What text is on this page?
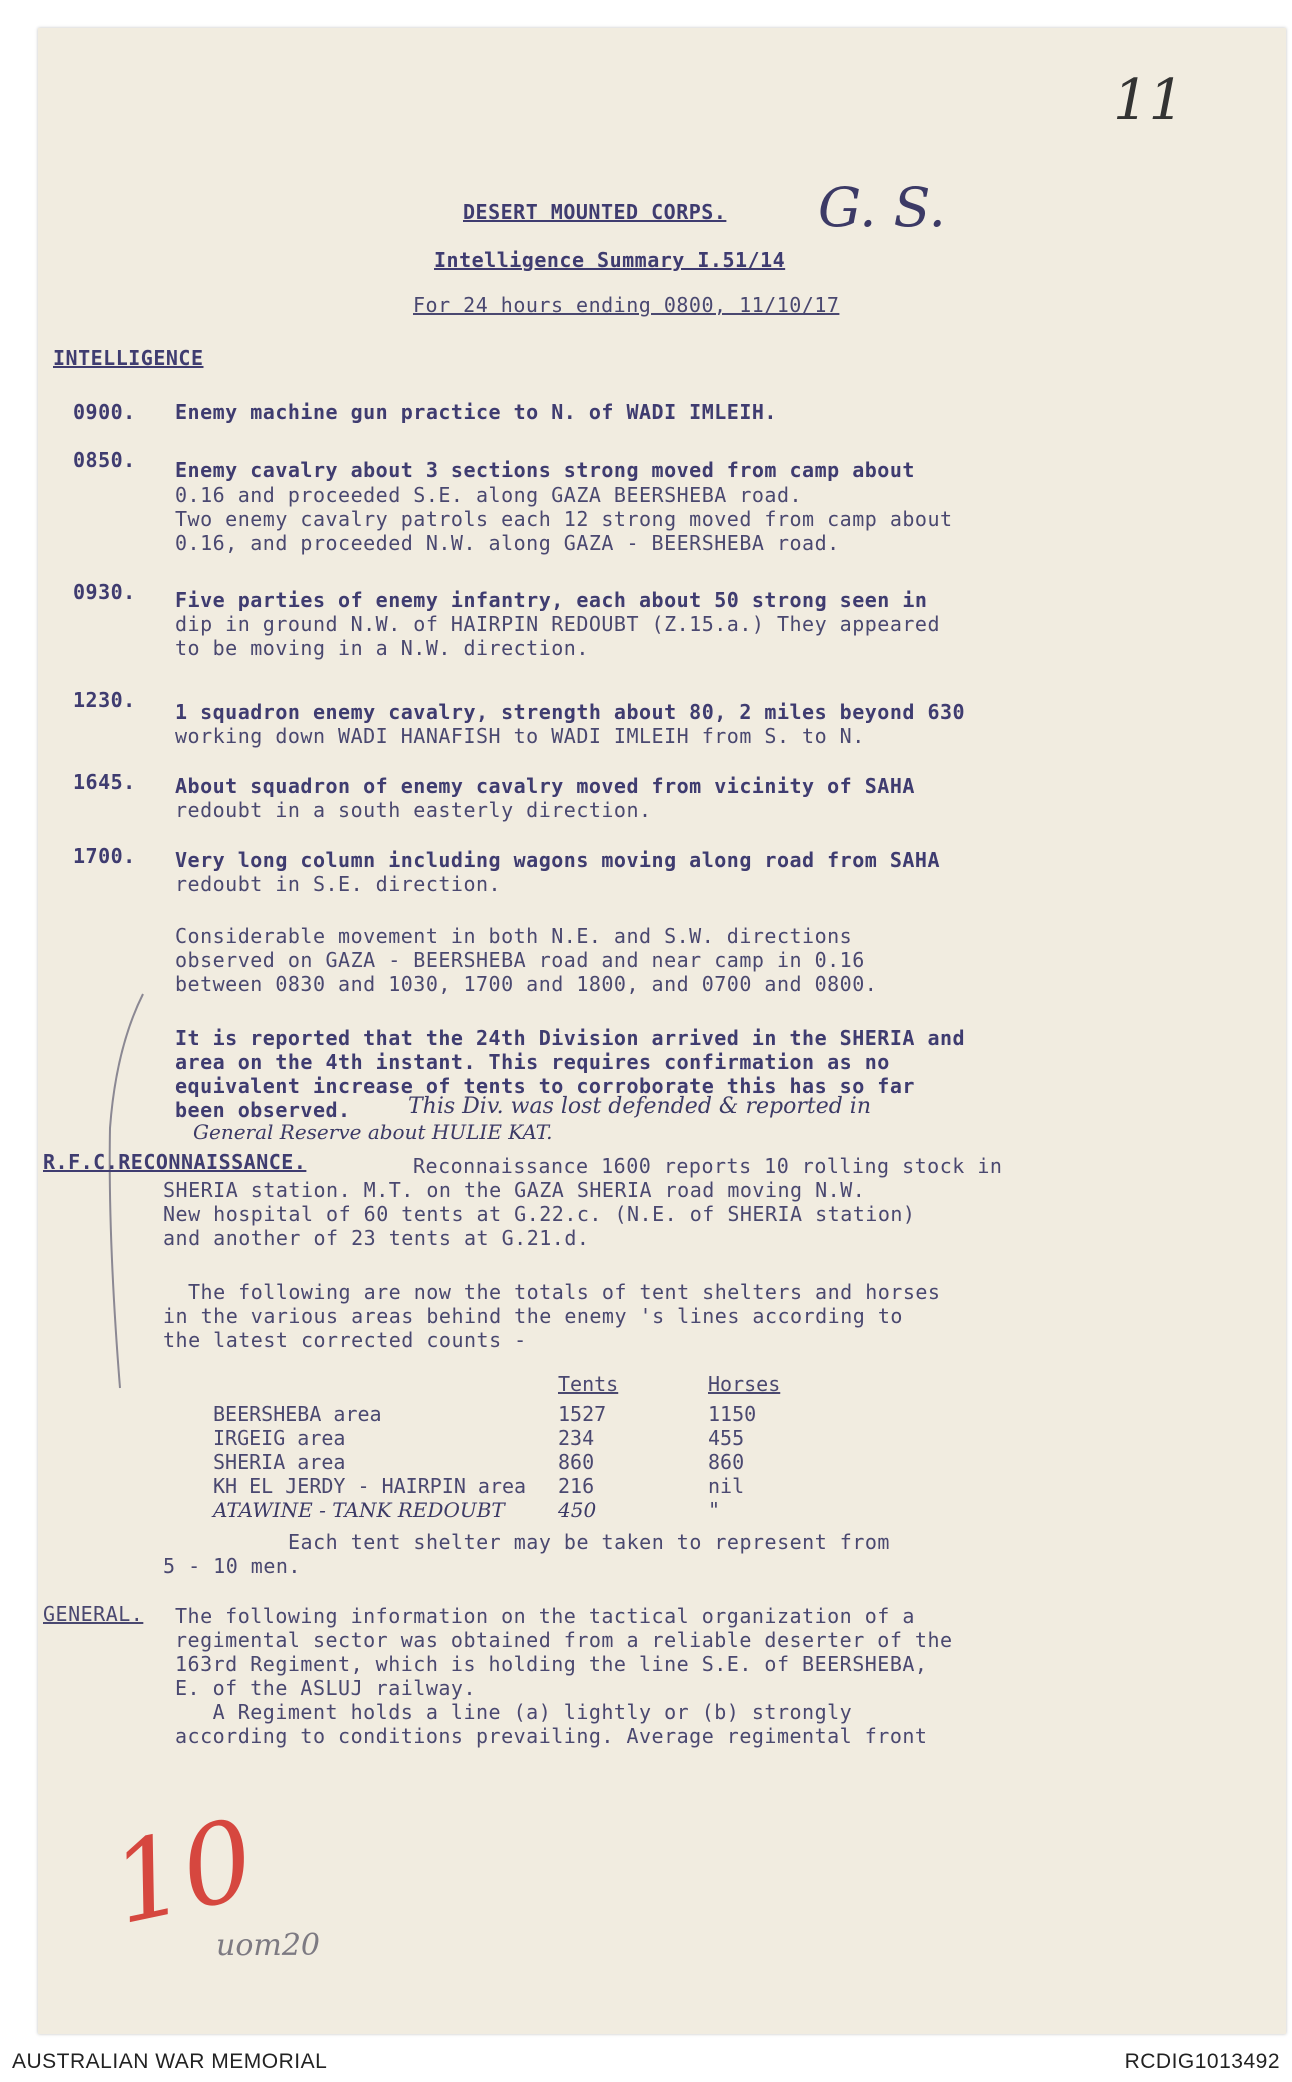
11
DESERT MOUNTED CORPS. G. S.
Intelligence Summary I.51/14
For 24 hours ending 0800, 11/10/17
INTELLIGENCE
0900. Enemy machine gun practice to N. of WADI IMLEIH.
0850. Enemy cavalry about 3 sections strong moved from camp about
0.16 and proceeded S.E. along GAZA BEERSHEBA road.
Two enemy cavalry patrols each 12 strong moved from camp about
0.16, and proceeded N.W. along GAZA - BEERSHEBA road.
0930. Five parties of enemy infantry, each about 50 strong seen in
dip in ground N.W. of HAIRPIN REDOUBT (Z.15.a.) They appeared
to be moving in a N.W. direction.
1230. 1 squadron enemy cavalry, strength about 80, 2 miles beyond 630
working down WADI HANAFISH to WADI IMLEIH from S. to N.
1645. About squadron of enemy cavalry moved from vicinity of SAHA
redoubt in a south easterly direction.
1700. Very long column including wagons moving along road from SAHA
redoubt in S.E. direction.
Considerable movement in both N.E. and S.W. directions
observed on GAZA - BEERSHEBA road and near camp in 0.16
between 0830 and 1030, 1700 and 1800, and 0700 and 0800.
It is reported that the 24th Division arrived in the SHERIA and
area on the 4th instant. This requires confirmation as no
equivalent increase of tents to corroborate this has so far
been observed.	This Div. was lost defended & reported in
General Reserve about HULIE KAT.
R.F.C.RECONNAISSANCE.	Reconnaissance 1600 reports 10 rolling stock in
SHERIA station. M.T. on the GAZA SHERIA road moving N.W.
New hospital of 60 tents at G.22.c. (N.E. of SHERIA station)
and another of 23 tents at G.21.d.
The following are now the totals of tent shelters and horses
in the various areas behind the enemy 's lines according to
the latest corrected counts -
	Tents	Horses
BEERSHEBA area	1527	1150
IRGEIG area	234	455
SHERIA area	860	860
KH EL JERDY - HAIRPIN area	216	nil
ATAWINE - TANK REDOUBT	450	"
Each tent shelter may be taken to represent from
5 - 10 men.
GENERAL. The following information on the tactical organization of a
regimental sector was obtained from a reliable deserter of the
163rd Regiment, which is holding the line S.E. of BEERSHEBA,
E. of the ASLUJ railway.
A Regiment holds a line (a) lightly or (b) strongly
according to conditions prevailing. Average regimental front
10
uom20
AUSTRALIAN WAR MEMORIAL	RCDIG1013492
